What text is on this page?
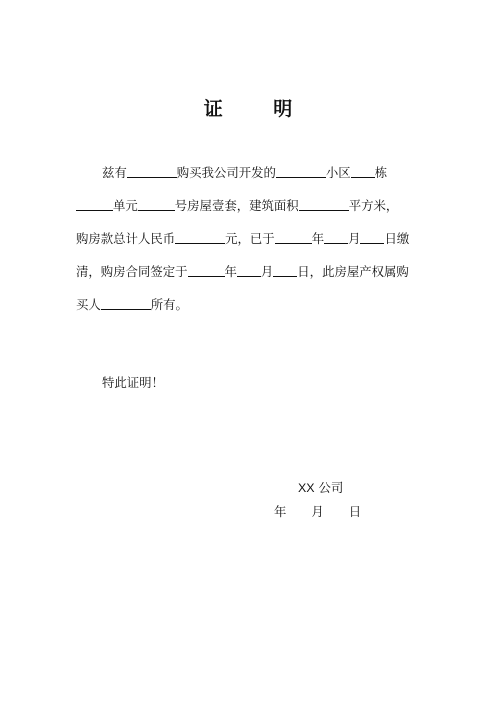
证 明
兹有	购买我公司开发的	小区 栋
单元	号房屋壹套，建筑面积	平方米，
购房款总计人民币	元，已于	年 月 日缴
清，购房合同签定于	年 月 日，此房屋产权属购
买人	所有。
特此证明！
XX 公司
年 月 日
